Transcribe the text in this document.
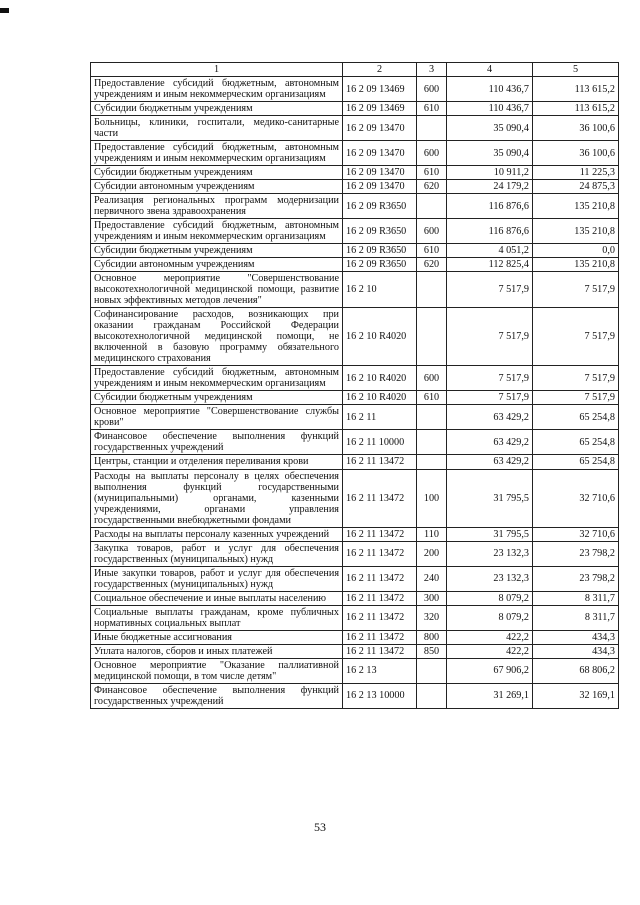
1	2	3	4	5
Предоставление субсидий бюджетным, автономным учреждениям и иным некоммерческим организациям	16 2 09 13469	600	110 436,7	113 615,2
Субсидии бюджетным учреждениям	16 2 09 13469	610	110 436,7	113 615,2
Больницы, клиники, госпитали, медико-санитарные части	16 2 09 13470		35 090,4	36 100,6
Предоставление субсидий бюджетным, автономным учреждениям и иным некоммерческим организациям	16 2 09 13470	600	35 090,4	36 100,6
Субсидии бюджетным учреждениям	16 2 09 13470	610	10 911,2	11 225,3
Субсидии автономным учреждениям	16 2 09 13470	620	24 179,2	24 875,3
Реализация региональных программ модернизации первичного звена здравоохранения	16 2 09 R3650		116 876,6	135 210,8
Предоставление субсидий бюджетным, автономным учреждениям и иным некоммерческим организациям	16 2 09 R3650	600	116 876,6	135 210,8
Субсидии бюджетным учреждениям	16 2 09 R3650	610	4 051,2	0,0
Субсидии автономным учреждениям	16 2 09 R3650	620	112 825,4	135 210,8
Основное мероприятие "Совершенствование высокотехнологичной медицинской помощи, развитие новых эффективных методов лечения"	16 2 10		7 517,9	7 517,9
Софинансирование расходов, возникающих при оказании гражданам Российской Федерации высокотехнологичной медицинской помощи, не включенной в базовую программу обязательного медицинского страхования	16 2 10 R4020		7 517,9	7 517,9
Предоставление субсидий бюджетным, автономным учреждениям и иным некоммерческим организациям	16 2 10 R4020	600	7 517,9	7 517,9
Субсидии бюджетным учреждениям	16 2 10 R4020	610	7 517,9	7 517,9
Основное мероприятие "Совершенствование службы крови"	16 2 11		63 429,2	65 254,8
Финансовое обеспечение выполнения функций государственных учреждений	16 2 11 10000		63 429,2	65 254,8
Центры, станции и отделения переливания крови	16 2 11 13472		63 429,2	65 254,8
Расходы на выплаты персоналу в целях обеспечения выполнения функций государственными (муниципальными) органами, казенными учреждениями, органами управления государственными внебюджетными фондами	16 2 11 13472	100	31 795,5	32 710,6
Расходы на выплаты персоналу казенных учреждений	16 2 11 13472	110	31 795,5	32 710,6
Закупка товаров, работ и услуг для обеспечения государственных (муниципальных) нужд	16 2 11 13472	200	23 132,3	23 798,2
Иные закупки товаров, работ и услуг для обеспечения государственных (муниципальных) нужд	16 2 11 13472	240	23 132,3	23 798,2
Социальное обеспечение и иные выплаты населению	16 2 11 13472	300	8 079,2	8 311,7
Социальные выплаты гражданам, кроме публичных нормативных социальных выплат	16 2 11 13472	320	8 079,2	8 311,7
Иные бюджетные ассигнования	16 2 11 13472	800	422,2	434,3
Уплата налогов, сборов и иных платежей	16 2 11 13472	850	422,2	434,3
Основное мероприятие "Оказание паллиативной медицинской помощи, в том числе детям"	16 2 13		67 906,2	68 806,2
Финансовое обеспечение выполнения функций государственных учреждений	16 2 13 10000		31 269,1	32 169,1
53
